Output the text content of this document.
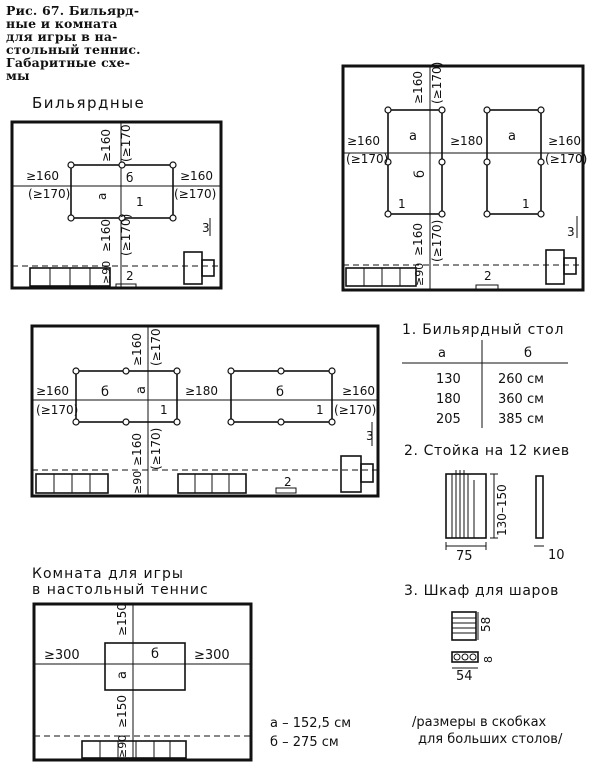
Рис. 67. Бильярд-
ные и комната
для игры в на-
стольный теннис.
Габаритные схе-
мы
Бильярдные
≥160 (≥170)
≥160
(≥170)
≥160
(≥170)
б
а 1
≥160 (≥170)
≥90 2
3
≥160 (≥170)
≥160
(≥170)
≥180	≥160
(≥170)
а	а
б
1	1
≥160 (≥170)
≥90	2
3
≥160 (≥170)
≥160
(≥170)
≥180	≥160
(≥170)
б	б
а
1	1
≥160 (≥170)
≥90	2
3
1. Бильярдный стол
а	б
130	260 см
180	360 см
205	385 см
2. Стойка на 12 киев
75
130–150
10
3. Шкаф для шаров
58
8
54
Комната для игры
в настольный теннис
≥150
≥300	≥300
б
а
≥150
≥90
а – 152,5 см
б – 275 см
/размеры в скобках
для больших столов/
